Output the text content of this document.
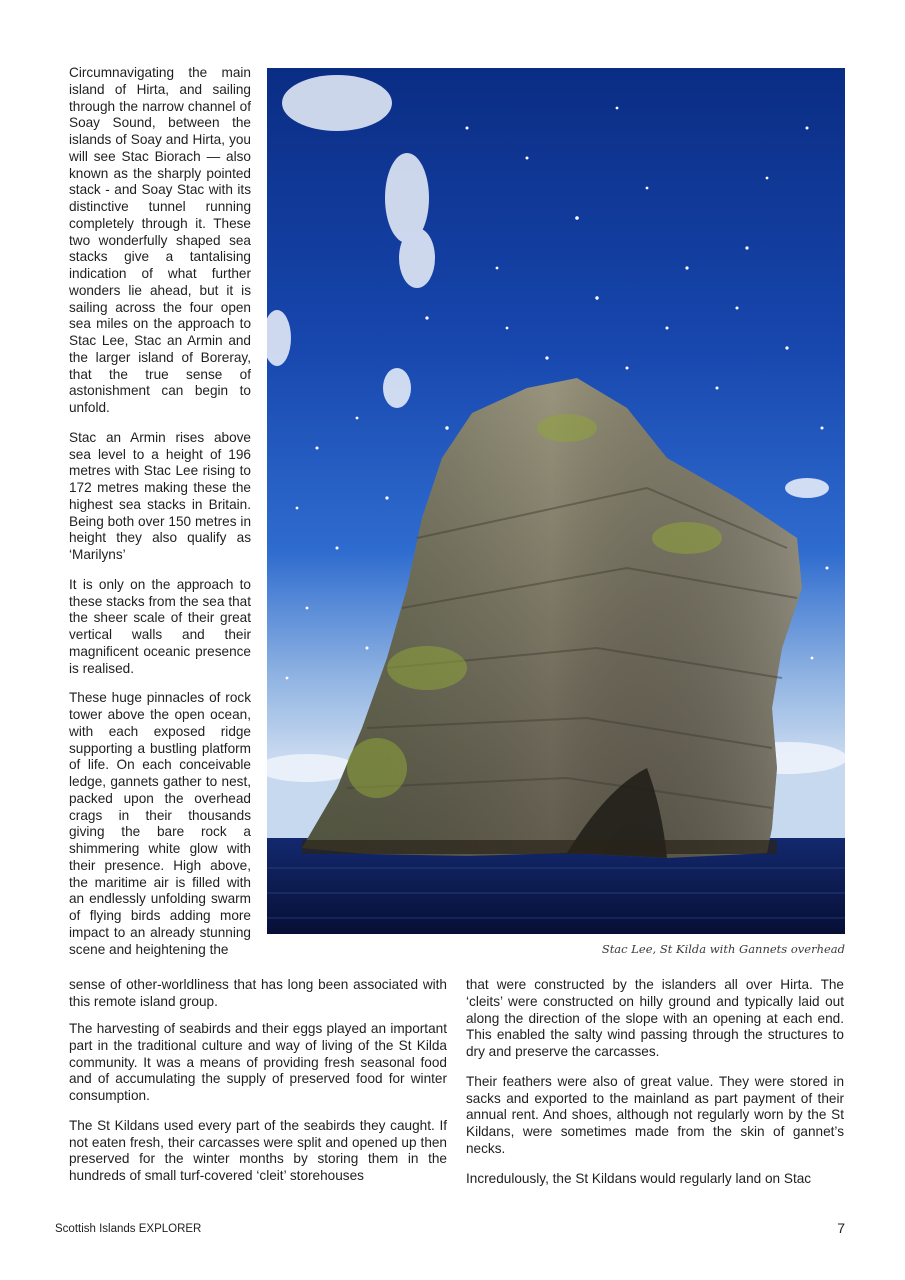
Circumnavigating the main island of Hirta, and sailing through the narrow channel of Soay Sound, between the islands of Soay and Hirta, you will see Stac Biorach — also known as the sharply pointed stack - and Soay Stac with its distinctive tunnel running completely through it. These two wonderfully shaped sea stacks give a tantalising indication of what further wonders lie ahead, but it is sailing across the four open sea miles on the approach to Stac Lee, Stac an Armin and the larger island of Boreray, that the true sense of astonishment can begin to unfold.

Stac an Armin rises above sea level to a height of 196 metres with Stac Lee rising to 172 metres making these the highest sea stacks in Britain. Being both over 150 metres in height they also qualify as ‘Marilyns’

It is only on the approach to these stacks from the sea that the sheer scale of their great vertical walls and their magnificent oceanic presence is realised.

These huge pinnacles of rock tower above the open ocean, with each exposed ridge supporting a bustling platform of life. On each conceivable ledge, gannets gather to nest, packed upon the overhead crags in their thousands giving the bare rock a shimmering white glow with their presence. High above, the maritime air is filled with an endlessly unfolding swarm of flying birds adding more impact to an already stunning scene and heightening the	Stac Lee, St Kilda with Gannets overhead

sense of other-worldliness that has long been associated with this remote island group.

The harvesting of seabirds and their eggs played an important part in the traditional culture and way of living of the St Kilda community. It was a means of providing fresh seasonal food and of accumulating the supply of preserved food for winter consumption.

The St Kildans used every part of the seabirds they caught. If not eaten fresh, their carcasses were split and opened up then preserved for the winter months by storing them in the hundreds of small turf-covered ‘cleit’ storehouses

that were constructed by the islanders all over Hirta. The ‘cleits’ were constructed on hilly ground and typically laid out along the direction of the slope with an opening at each end. This enabled the salty wind passing through the structures to dry and preserve the carcasses.

Their feathers were also of great value. They were stored in sacks and exported to the mainland as part payment of their annual rent. And shoes, although not regularly worn by the St Kildans, were sometimes made from the skin of gannet’s necks.

Incredulously, the St Kildans would regularly land on Stac

Scottish Islands EXPLORER	7
